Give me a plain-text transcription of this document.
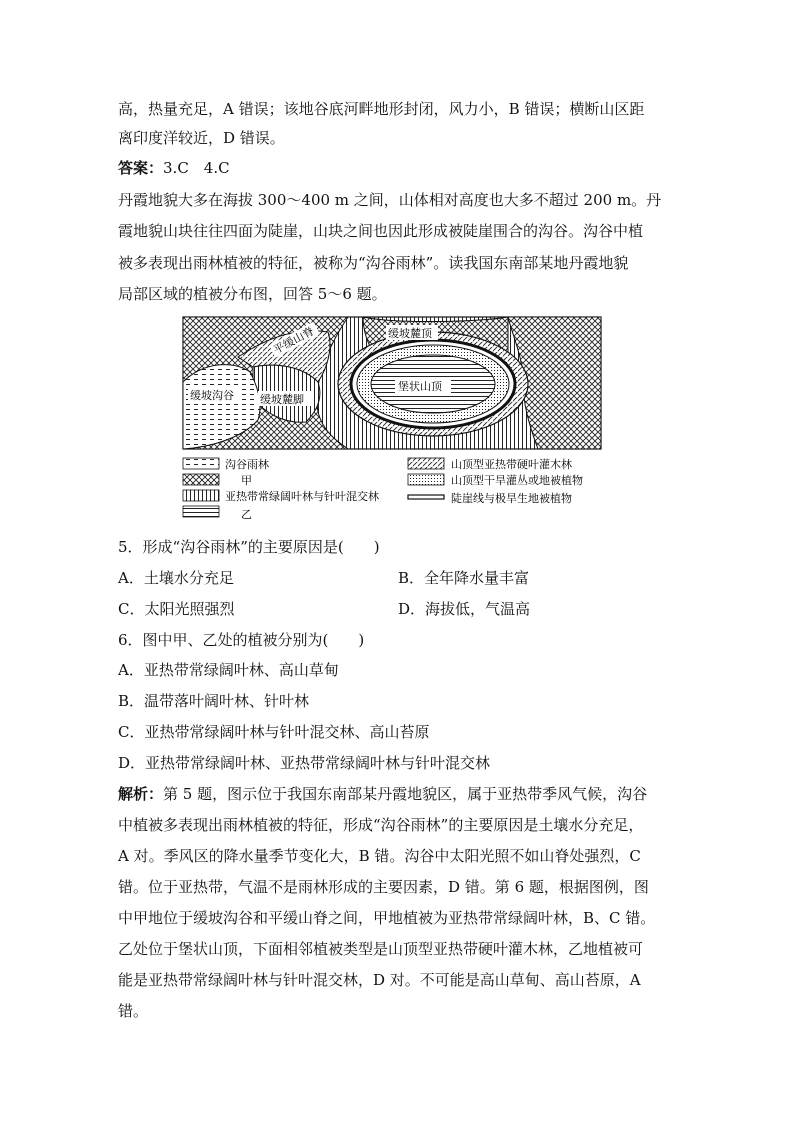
高，热量充足，A 错误；该地谷底河畔地形封闭，风力小，B 错误；横断山区距
离印度洋较近，D 错误。
答案：3.C　4.C
丹霞地貌大多在海拔 300～400 m 之间，山体相对高度也大多不超过 200 m。丹
霞地貌山块往往四面为陡崖，山块之间也因此形成被陡崖围合的沟谷。沟谷中植
被多表现出雨林植被的特征，被称为“沟谷雨林”。读我国东南部某地丹霞地貌
局部区域的植被分布图，回答 5～6 题。
缓坡麓顶
堡状山顶
缓坡沟谷 缓坡麓脚
平缓山脊
沟谷雨林
甲
亚热带常绿阔叶林与针叶混交林
乙
山顶型亚热带硬叶灌木林
山顶型干旱灌丛或地被植物
陡崖线与极旱生地被植物
5．形成“沟谷雨林”的主要原因是(　　)
A．土壤水分充足	B．全年降水量丰富
C．太阳光照强烈	D．海拔低，气温高
6．图中甲、乙处的植被分别为(　　)
A．亚热带常绿阔叶林、高山草甸
B．温带落叶阔叶林、针叶林
C．亚热带常绿阔叶林与针叶混交林、高山苔原
D．亚热带常绿阔叶林、亚热带常绿阔叶林与针叶混交林
解析：第 5 题，图示位于我国东南部某丹霞地貌区，属于亚热带季风气候，沟谷
中植被多表现出雨林植被的特征，形成“沟谷雨林”的主要原因是土壤水分充足，
A 对。季风区的降水量季节变化大，B 错。沟谷中太阳光照不如山脊处强烈，C
错。位于亚热带，气温不是雨林形成的主要因素，D 错。第 6 题，根据图例，图
中甲地位于缓坡沟谷和平缓山脊之间，甲地植被为亚热带常绿阔叶林，B、C 错。
乙处位于堡状山顶，下面相邻植被类型是山顶型亚热带硬叶灌木林，乙地植被可
能是亚热带常绿阔叶林与针叶混交林，D 对。不可能是高山草甸、高山苔原，A
错。
